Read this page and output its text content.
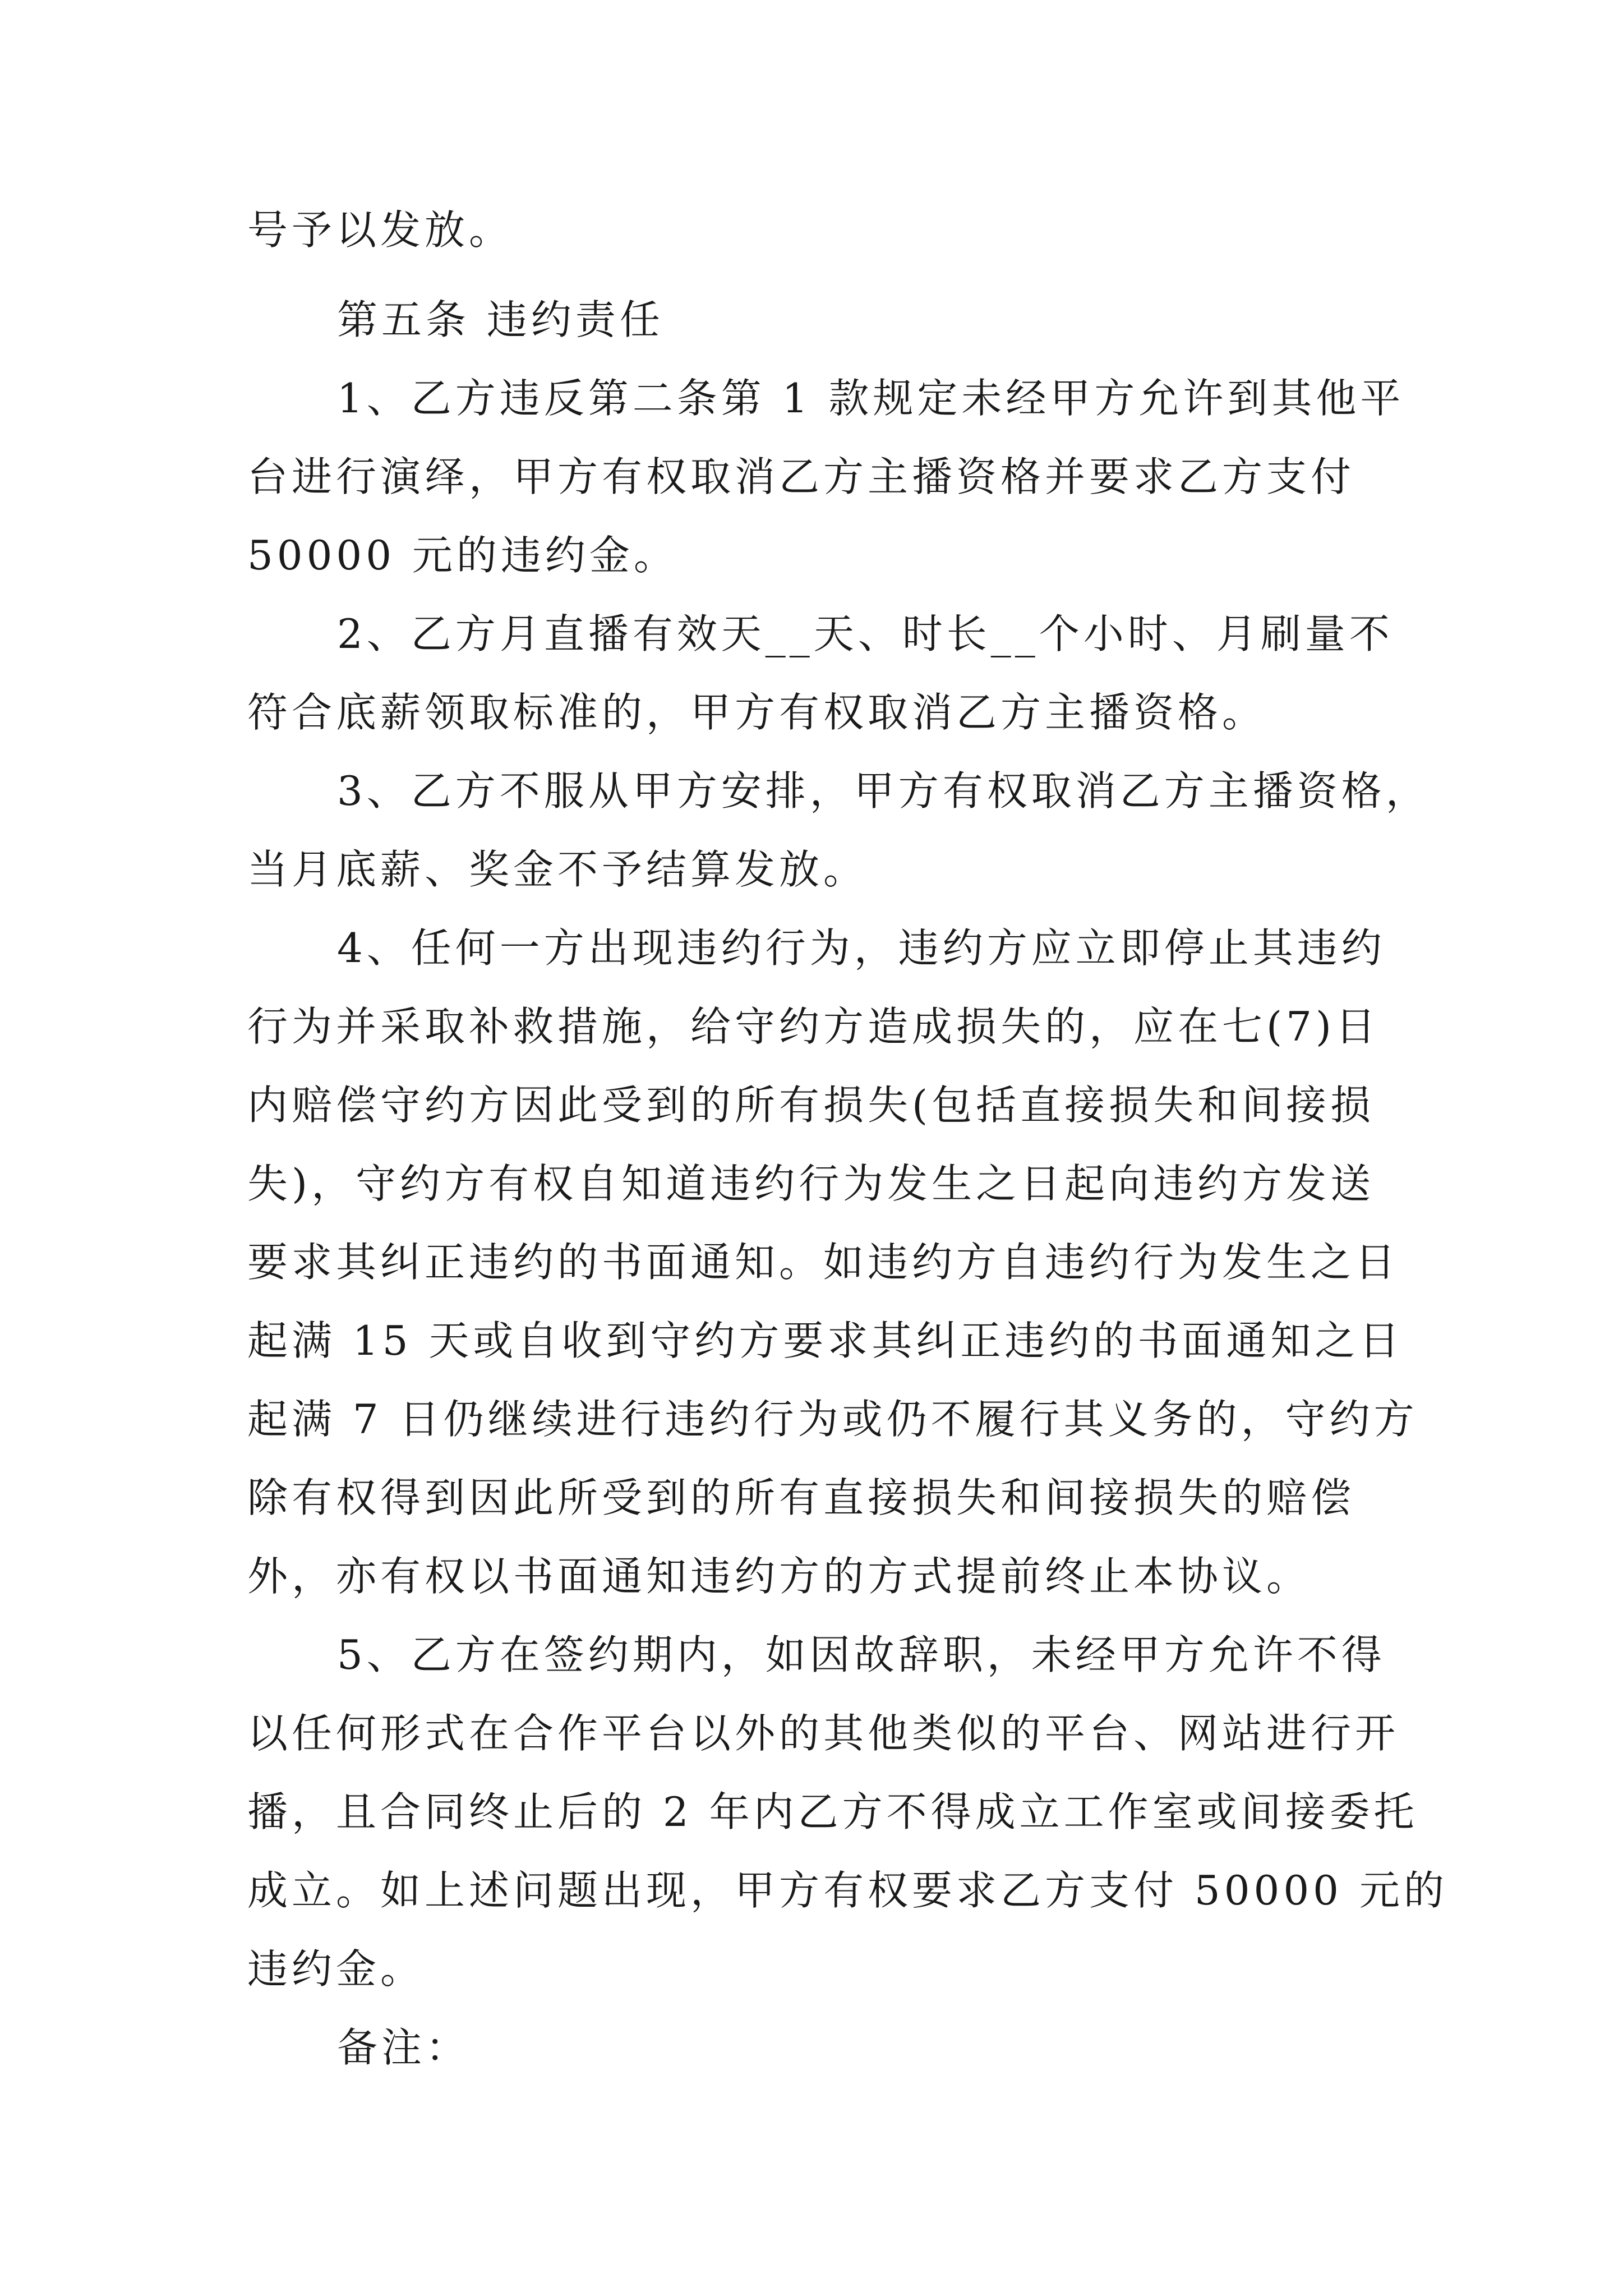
号予以发放。
第五条 违约责任
1、乙方违反第二条第 1 款规定未经甲方允许到其他平
台进行演绎，甲方有权取消乙方主播资格并要求乙方支付
50000 元的违约金。
2、乙方月直播有效天__天、时长__个小时、月刷量不
符合底薪领取标准的，甲方有权取消乙方主播资格。
3、乙方不服从甲方安排，甲方有权取消乙方主播资格，
当月底薪、奖金不予结算发放。
4、任何一方出现违约行为，违约方应立即停止其违约
行为并采取补救措施，给守约方造成损失的，应在七(7)日
内赔偿守约方因此受到的所有损失(包括直接损失和间接损
失)，守约方有权自知道违约行为发生之日起向违约方发送
要求其纠正违约的书面通知。如违约方自违约行为发生之日
起满 15 天或自收到守约方要求其纠正违约的书面通知之日
起满 7 日仍继续进行违约行为或仍不履行其义务的，守约方
除有权得到因此所受到的所有直接损失和间接损失的赔偿
外，亦有权以书面通知违约方的方式提前终止本协议。
5、乙方在签约期内，如因故辞职，未经甲方允许不得
以任何形式在合作平台以外的其他类似的平台、网站进行开
播，且合同终止后的 2 年内乙方不得成立工作室或间接委托
成立。如上述问题出现，甲方有权要求乙方支付 50000 元的
违约金。
备注：
